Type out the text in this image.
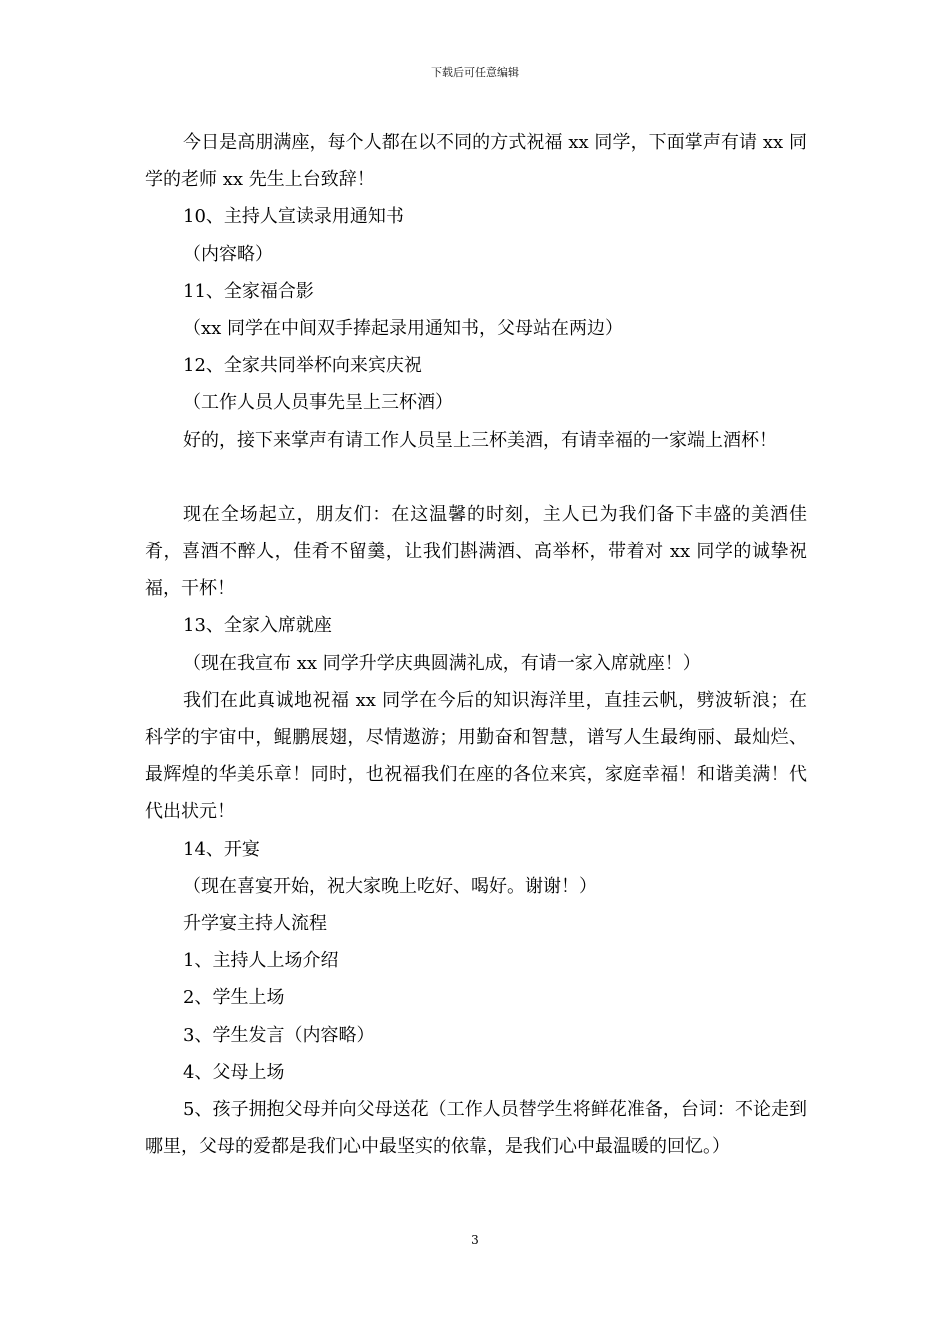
下载后可任意编辑

今日是高朋满座，每个人都在以不同的方式祝福 xx 同学，下面掌声有请 xx 同学的老师 xx 先生上台致辞！

10、主持人宣读录用通知书

（内容略）

11、全家福合影

（xx 同学在中间双手捧起录用通知书，父母站在两边）

12、全家共同举杯向来宾庆祝

（工作人员人员事先呈上三杯酒）

好的，接下来掌声有请工作人员呈上三杯美酒，有请幸福的一家端上酒杯！

现在全场起立，朋友们：在这温馨的时刻，主人已为我们备下丰盛的美酒佳肴，喜酒不醉人，佳肴不留羹，让我们斟满酒、高举杯，带着对 xx 同学的诚挚祝福，干杯！

13、全家入席就座

（现在我宣布 xx 同学升学庆典圆满礼成，有请一家入席就座！）

我们在此真诚地祝福 xx 同学在今后的知识海洋里，直挂云帆，劈波斩浪；在科学的宇宙中，鲲鹏展翅，尽情遨游；用勤奋和智慧，谱写人生最绚丽、最灿烂、最辉煌的华美乐章！同时，也祝福我们在座的各位来宾，家庭幸福！和谐美满！代代出状元！

14、开宴

（现在喜宴开始，祝大家晚上吃好、喝好。谢谢！）

升学宴主持人流程

1、主持人上场介绍

2、学生上场

3、学生发言（内容略）

4、父母上场

5、孩子拥抱父母并向父母送花（工作人员替学生将鲜花准备，台词：不论走到哪里，父母的爱都是我们心中最坚实的依靠，是我们心中最温暖的回忆。）

3
